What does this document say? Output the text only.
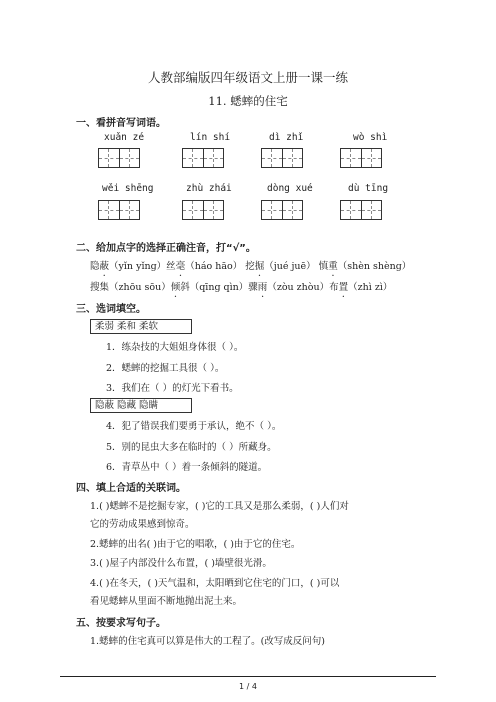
人教部编版四年级语文上册一课一练
11. 蟋蟀的住宅
一、看拼音写词语。
xuǎn zé	lín shí	dì zhǐ	wò shì
wěi shēng	zhù zhái	dòng xué	dù tīng
二、给加点字的选择正确注音，打“√”。
隐蔽（yǐn yǐng）丝毫（háo hāo） 挖掘（jué juē） 慎重（shèn shèng）
搜集（zhōu sōu）倾斜（qīng qìn）骤雨（zòu zhòu）布置（zhì zì）
三、选词填空。
柔弱 柔和 柔软
1．练杂技的大姐姐身体很（ ）。
2．蟋蟀的挖掘工具很（ ）。
3．我们在（ ）的灯光下看书。
隐蔽 隐藏 隐瞒
4．犯了错误我们要勇于承认，绝不（ ）。
5．别的昆虫大多在临时的（ ）所藏身。
6．青草丛中（ ）着一条倾斜的隧道。
四、填上合适的关联词。
1.( )蟋蟀不是挖掘专家，( )它的工具又是那么柔弱，( )人们对
它的劳动成果感到惊奇。
2.蟋蟀的出名( )由于它的唱歌，( )由于它的住宅。
3.( )屋子内部没什么布置，( )墙壁很光滑。
4.( )在冬天，( )天气温和，太阳晒到它住宅的门口，( )可以
看见蟋蟀从里面不断地抛出泥土来。
五、按要求写句子。
1.蟋蟀的住宅真可以算是伟大的工程了。(改写成反问句)
1 / 4
